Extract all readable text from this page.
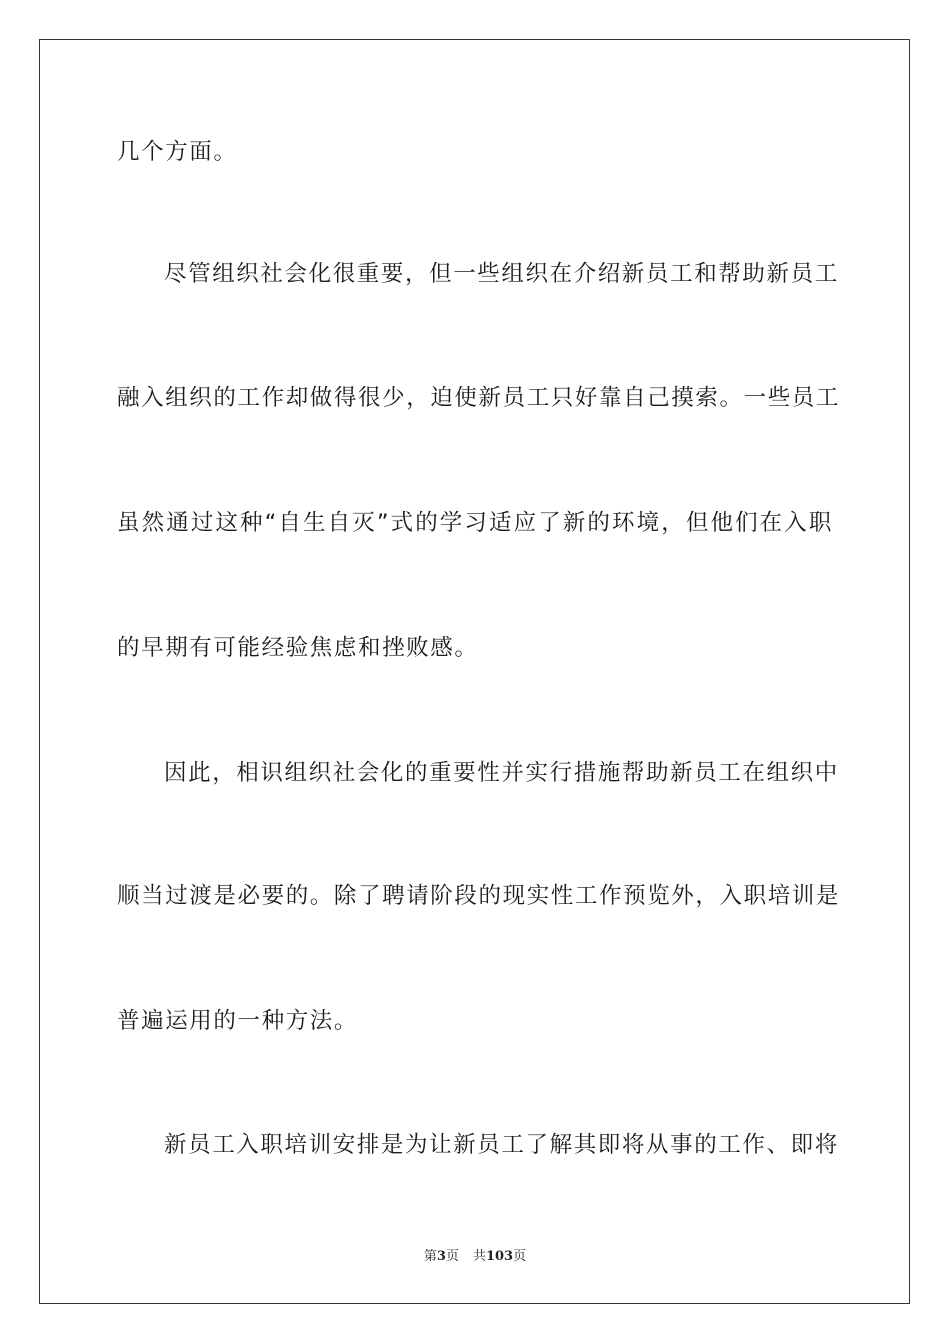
几个方面。
尽管组织社会化很重要，但一些组织在介绍新员工和帮助新员工
融入组织的工作却做得很少，迫使新员工只好靠自己摸索。一些员工
虽然通过这种“自生自灭”式的学习适应了新的环境，但他们在入职
的早期有可能经验焦虑和挫败感。
因此，相识组织社会化的重要性并实行措施帮助新员工在组织中
顺当过渡是必要的。除了聘请阶段的现实性工作预览外，入职培训是
普遍运用的一种方法。
新员工入职培训安排是为让新员工了解其即将从事的工作、即将
第3页 共103页
